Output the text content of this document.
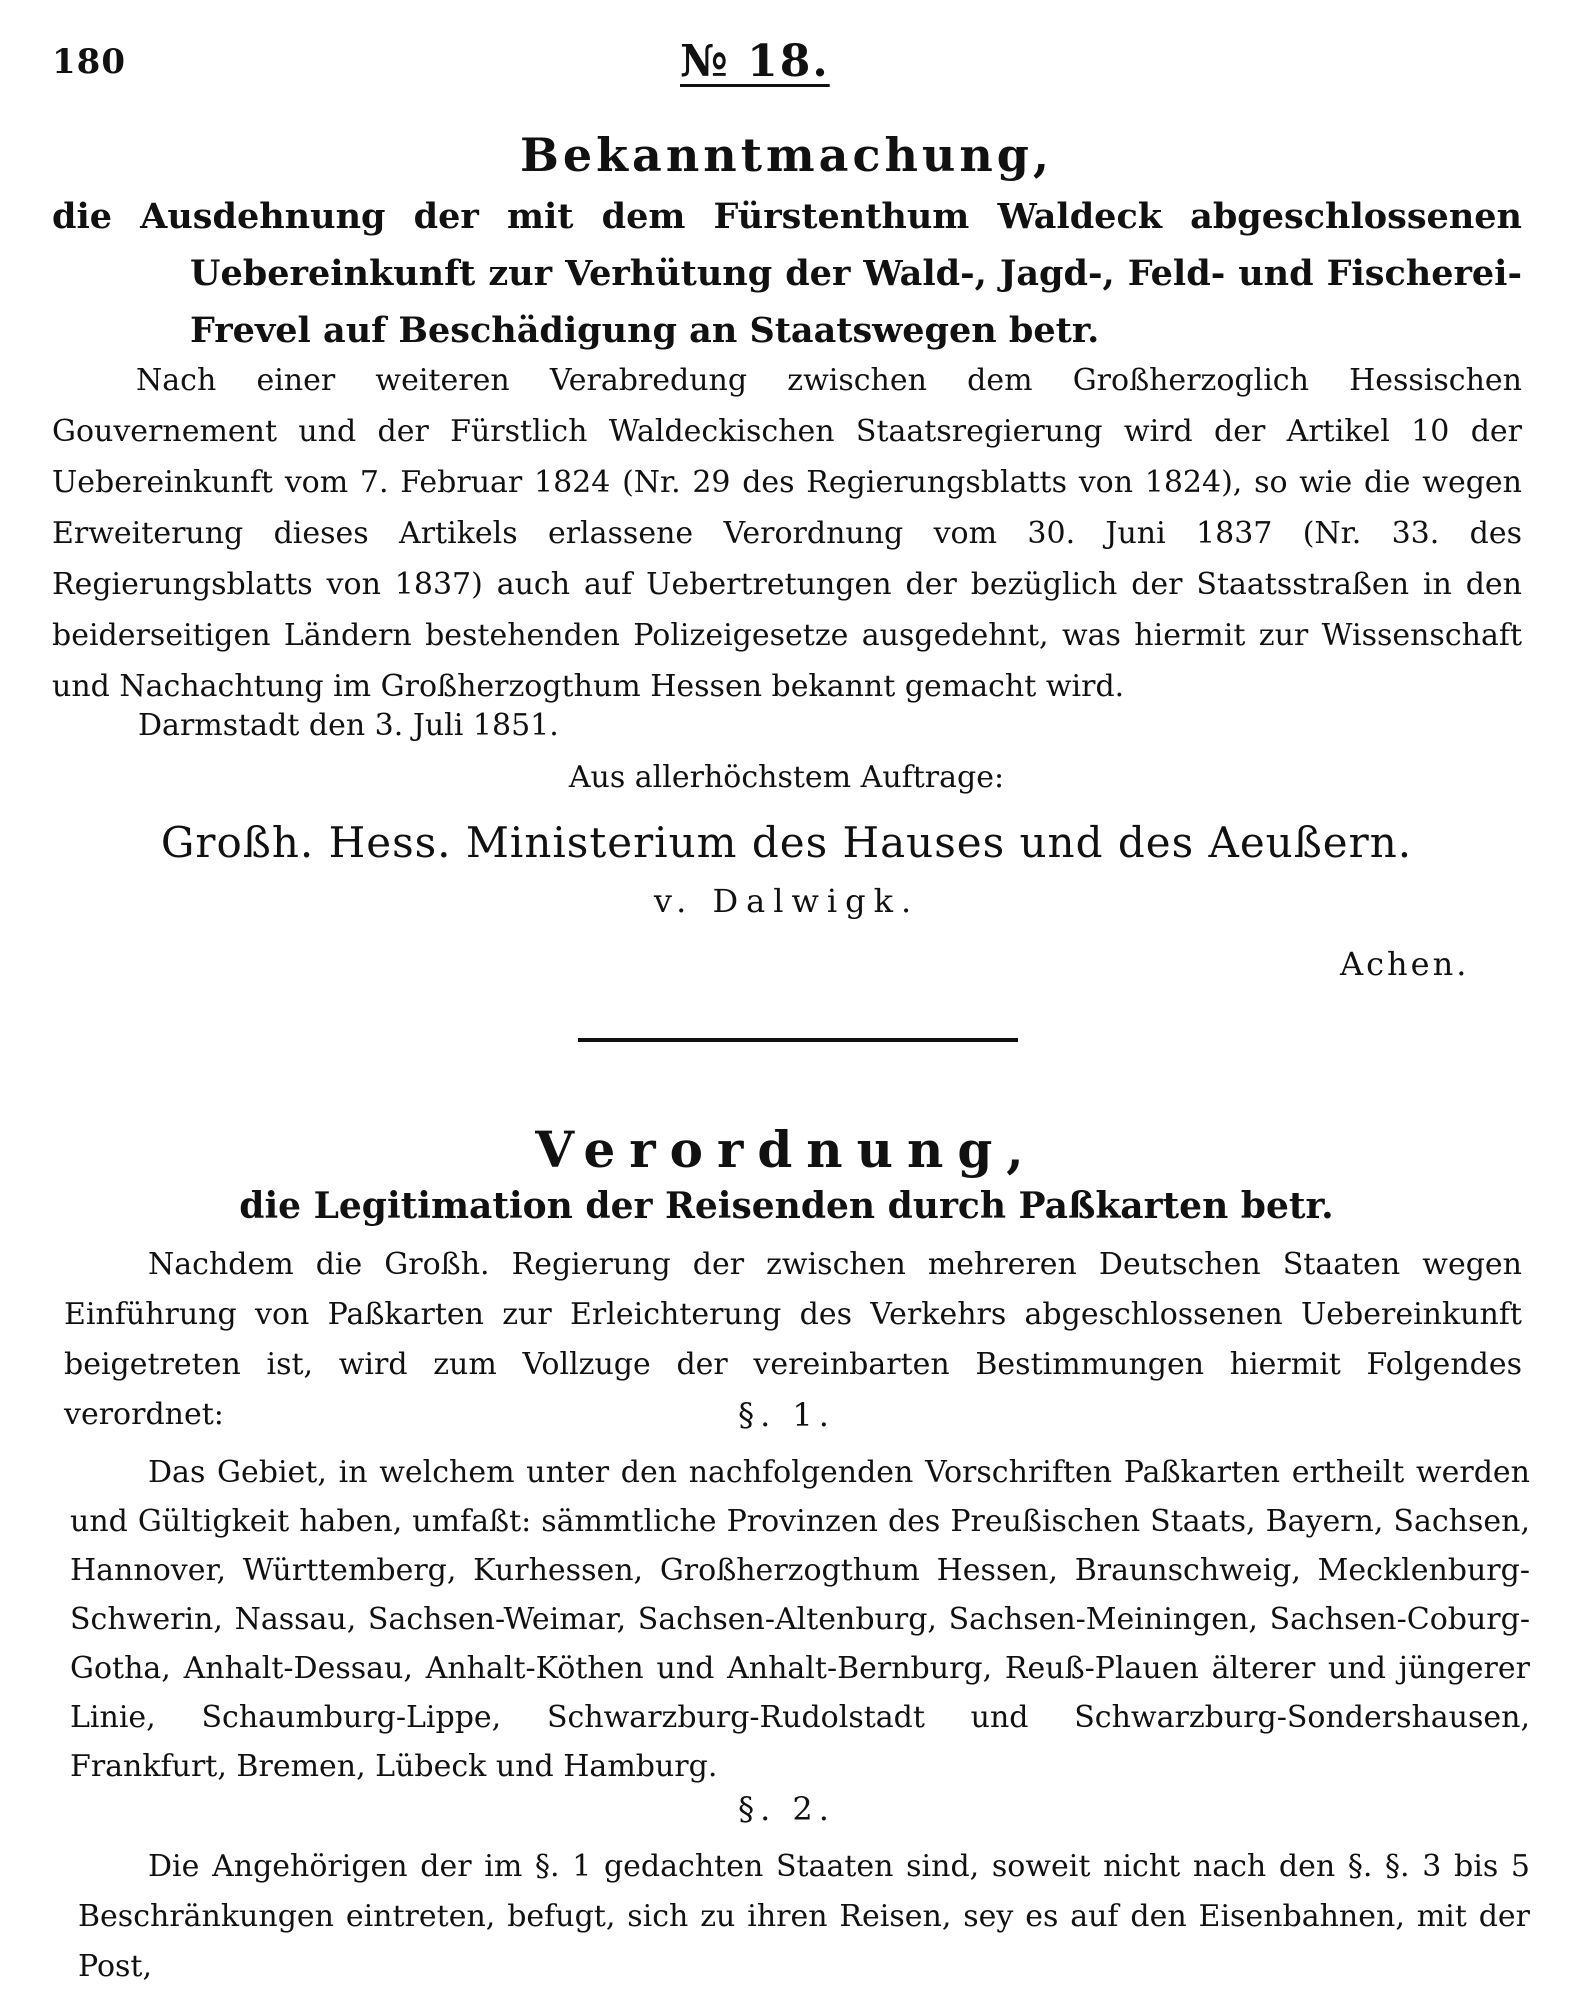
180	№ 18.
Bekanntmachung,
die Ausdehnung der mit dem Fürstenthum Waldeck abgeschlossenen Uebereinkunft zur Verhütung der Wald-, Jagd-, Feld- und Fischerei-Frevel auf Beschädigung an Staatswegen betr.
Nach einer weiteren Verabredung zwischen dem Großherzoglich Hessischen Gouvernement und der Fürstlich Waldeckischen Staatsregierung wird der Artikel 10 der Uebereinkunft vom 7. Februar 1824 (Nr. 29 des Regierungsblatts von 1824), so wie die wegen Erweiterung dieses Artikels erlassene Verordnung vom 30. Juni 1837 (Nr. 33. des Regierungsblatts von 1837) auch auf Uebertretungen der bezüglich der Staatsstraßen in den beiderseitigen Ländern bestehenden Polizeigesetze ausgedehnt, was hiermit zur Wissenschaft und Nachachtung im Großherzogthum Hessen bekannt gemacht wird.
Darmstadt den 3. Juli 1851.
Aus allerhöchstem Auftrage:
Großh. Hess. Ministerium des Hauses und des Aeußern.
v. Dalwigk.
Achen.
Verordnung,
die Legitimation der Reisenden durch Paßkarten betr.
Nachdem die Großh. Regierung der zwischen mehreren Deutschen Staaten wegen Einführung von Paßkarten zur Erleichterung des Verkehrs abgeschlossenen Uebereinkunft beigetreten ist, wird zum Vollzuge der vereinbarten Bestimmungen hiermit Folgendes verordnet:	§. 1.
Das Gebiet, in welchem unter den nachfolgenden Vorschriften Paßkarten ertheilt werden und Gültigkeit haben, umfaßt: sämmtliche Provinzen des Preußischen Staats, Bayern, Sachsen, Hannover, Württemberg, Kurhessen, Großherzogthum Hessen, Braunschweig, Mecklenburg-Schwerin, Nassau, Sachsen-Weimar, Sachsen-Altenburg, Sachsen-Meiningen, Sachsen-Coburg-Gotha, Anhalt-Dessau, Anhalt-Köthen und Anhalt-Bernburg, Reuß-Plauen älterer und jüngerer Linie, Schaumburg-Lippe, Schwarzburg-Rudolstadt und Schwarzburg-Sondershausen, Frankfurt, Bremen, Lübeck und Hamburg.
§. 2.
Die Angehörigen der im §. 1 gedachten Staaten sind, soweit nicht nach den §. §. 3 bis 5 Beschränkungen eintreten, befugt, sich zu ihren Reisen, sey es auf den Eisenbahnen, mit der Post,
